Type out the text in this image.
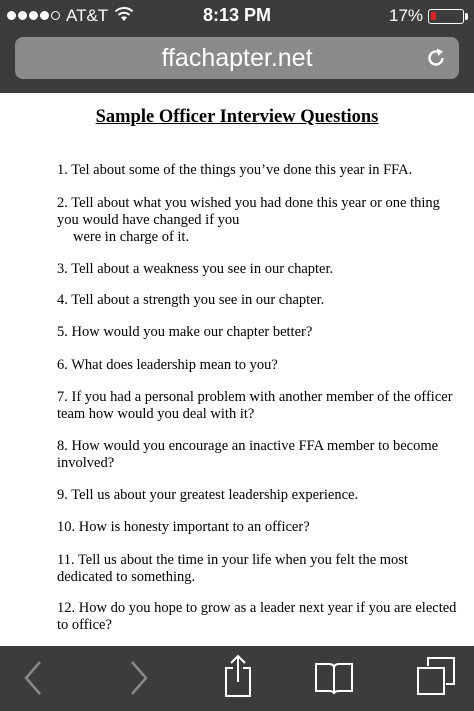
AT&T	8:13 PM	17%
ffachapter.net
Sample Officer Interview Questions
1. Tel about some of the things you’ve done this year in FFA.
2. Tell about what you wished you had done this year or one thing
you would have changed if you
were in charge of it.
3. Tell about a weakness you see in our chapter.
4. Tell about a strength you see in our chapter.
5. How would you make our chapter better?
6. What does leadership mean to you?
7. If you had a personal problem with another member of the officer
team how would you deal with it?
8. How would you encourage an inactive FFA member to become
involved?
9. Tell us about your greatest leadership experience.
10. How is honesty important to an officer?
11. Tell us about the time in your life when you felt the most
dedicated to something.
12. How do you hope to grow as a leader next year if you are elected
to office?
